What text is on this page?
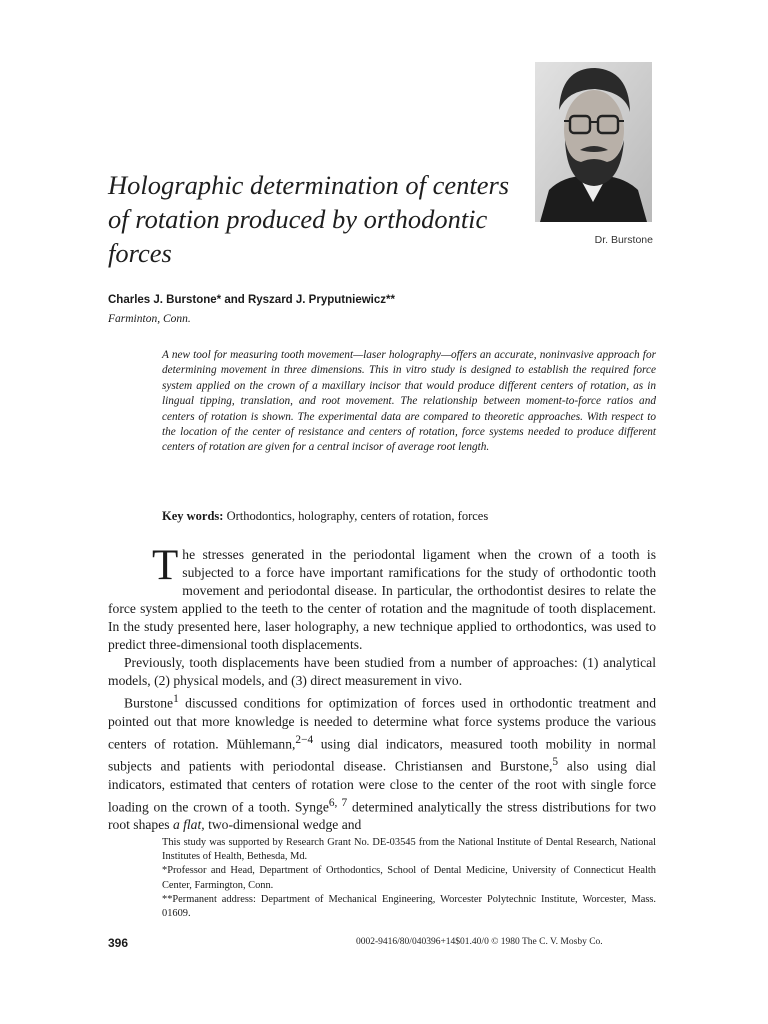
Dr. Burstone
Holographic determination of centers of rotation produced by orthodontic forces
Charles J. Burstone* and Ryszard J. Pryputniewicz**
Farminton, Conn.

A new tool for measuring tooth movement—laser holography—offers an accurate, noninvasive approach for determining movement in three dimensions. This in vitro study is designed to establish the required force system applied on the crown of a maxillary incisor that would produce different centers of rotation, as in lingual tipping, translation, and root movement. The relationship between moment-to-force ratios and centers of rotation is shown. The experimental data are compared to theoretic approaches. With respect to the location of the center of resistance and centers of rotation, force systems needed to produce different centers of rotation are given for a central incisor of average root length.

Key words: Orthodontics, holography, centers of rotation, forces

The stresses generated in the periodontal ligament when the crown of a tooth is subjected to a force have important ramifications for the study of orthodontic tooth movement and periodontal disease. In particular, the orthodontist desires to relate the force system applied to the teeth to the center of rotation and the magnitude of tooth displacement. In the study presented here, laser holography, a new technique applied to orthodontics, was used to predict three-dimensional tooth displacements.

Previously, tooth displacements have been studied from a number of approaches: (1) analytical models, (2) physical models, and (3) direct measurement in vivo.

Burstone$^1$ discussed conditions for optimization of forces used in orthodontic treatment and pointed out that more knowledge is needed to determine what force systems produce the various centers of rotation. Mühlemann,$^{2-4}$ using dial indicators, measured tooth mobility in normal subjects and patients with periodontal disease. Christiansen and Burstone,$^5$ also using dial indicators, estimated that centers of rotation were close to the center of the root with single force loading on the crown of a tooth. Synge$^{6, 7}$ determined analytically the stress distributions for two root shapes a flat, two-dimensional wedge and

This study was supported by Research Grant No. DE-03545 from the National Institute of Dental Research, National Institutes of Health, Bethesda, Md.

*Professor and Head, Department of Orthodontics, School of Dental Medicine, University of Connecticut Health Center, Farmington, Conn.

**Permanent address: Department of Mechanical Engineering, Worcester Polytechnic Institute, Worcester, Mass. 01609.

396	0002-9416/80/040396+14$01.40/0 © 1980 The C. V. Mosby Co.
